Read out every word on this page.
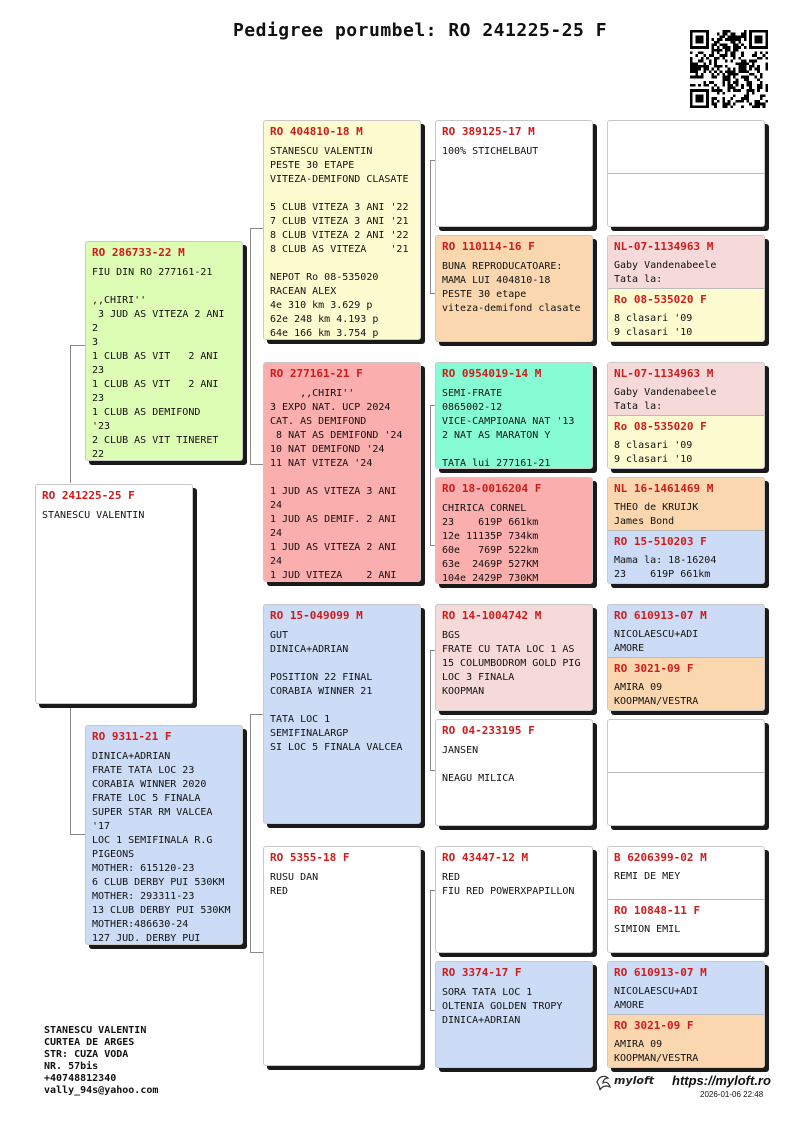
Pedigree porumbel: RO 241225-25 F
RO 241225-25 F
STANESCU VALENTIN
RO 286733-22 M
FIU DIN RO 277161-21

,,CHIRI''
3 JUD AS VITEZA 2 ANI 2
3
1 CLUB AS VIT   2 ANI 23
1 CLUB AS VIT   2 ANI 23
1 CLUB AS DEMIFOND   '23
2 CLUB AS VIT TINERET 22

RO 9311-21 F
DINICA+ADRIAN
FRATE TATA LOC 23
CORABIA WINNER 2020
FRATE LOC 5 FINALA
SUPER STAR RM VALCEA '17
LOC 1 SEMIFINALA R.G
PIGEONS
MOTHER: 615120-23
6 CLUB DERBY PUI 530KM
MOTHER: 293311-23
13 CLUB DERBY PUI 530KM
MOTHER:486630-24
127 JUD. DERBY PUI
RO 404810-18 M
STANESCU VALENTIN
PESTE 30 ETAPE
VITEZA-DEMIFOND CLASATE

5 CLUB VITEZA 3 ANI '22
7 CLUB VITEZA 3 ANI '21
8 CLUB VITEZA 2 ANI '22
8 CLUB AS VITEZA    '21

NEPOT Ro 08-535020
RACEAN ALEX
4e 310 km 3.629 p
62e 248 km 4.193 p
64e 166 km 3.754 p
RO 277161-21 F
,,CHIRI''
3 EXPO NAT. UCP 2024
CAT. AS DEMIFOND
8 NAT AS DEMIFOND '24
10 NAT DEMIFOND '24
11 NAT VITEZA '24

1 JUD AS VITEZA 3 ANI 24
1 JUD AS DEMIF. 2 ANI 24
1 JUD AS VITEZA 2 ANI 24
1 JUD VITEZA    2 ANI

RO 15-049099 M
GUT
DINICA+ADRIAN

POSITION 22 FINAL
CORABIA WINNER 21

TATA LOC 1 SEMIFINALARGP
SI LOC 5 FINALA VALCEA
RO 5355-18 F
RUSU DAN
RED
RO 389125-17 M
100% STICHELBAUT
RO 110114-16 F
BUNA REPRODUCATOARE:
MAMA LUI 404810-18
PESTE 30 etape
viteza-demifond clasate
RO 0954019-14 M
SEMI-FRATE
0865002-12
VICE-CAMPIOANA NAT '13
2 NAT AS MARATON Y

TATA lui 277161-21
RO 18-0016204 F
CHIRICA CORNEL
23    619P 661km
12e 11135P 734km
60e   769P 522km
63e  2469P 527KM
104e 2429P 730KM
RO 14-1004742 M
BGS
FRATE CU TATA LOC 1 AS
15 COLUMBODROM GOLD PIG
LOC 3 FINALA
KOOPMAN
RO 04-233195 F
JANSEN

NEAGU MILICA
RO 43447-12 M
RED
FIU RED POWERXPAPILLON
RO 3374-17 F
SORA TATA LOC 1
OLTENIA GOLDEN TROPY
DINICA+ADRIAN
NL-07-1134963 M
Gaby Vandenabeele
Tata la:
Ro 08-535020 F
8 clasari '09
9 clasari '10
NL-07-1134963 M
Gaby Vandenabeele
Tata la:
Ro 08-535020 F
8 clasari '09
9 clasari '10
NL 16-1461469 M
THEO de KRUIJK
James Bond
RO 15-510203 F
Mama la: 18-16204
23    619P 661km
RO 610913-07 M
NICOLAESCU+ADI
AMORE
RO 3021-09 F
AMIRA 09
KOOPMAN/VESTRA
B 6206399-02 M
REMI DE MEY
RO 10848-11 F
SIMION EMIL
RO 610913-07 M
NICOLAESCU+ADI
AMORE
RO 3021-09 F
AMIRA 09
KOOPMAN/VESTRA
STANESCU VALENTIN
CURTEA DE ARGES
STR: CUZA VODA
NR. 57bis
+40748812340
vally_94s@yahoo.com
myloft https://myloft.ro
2026-01-06 22:48
